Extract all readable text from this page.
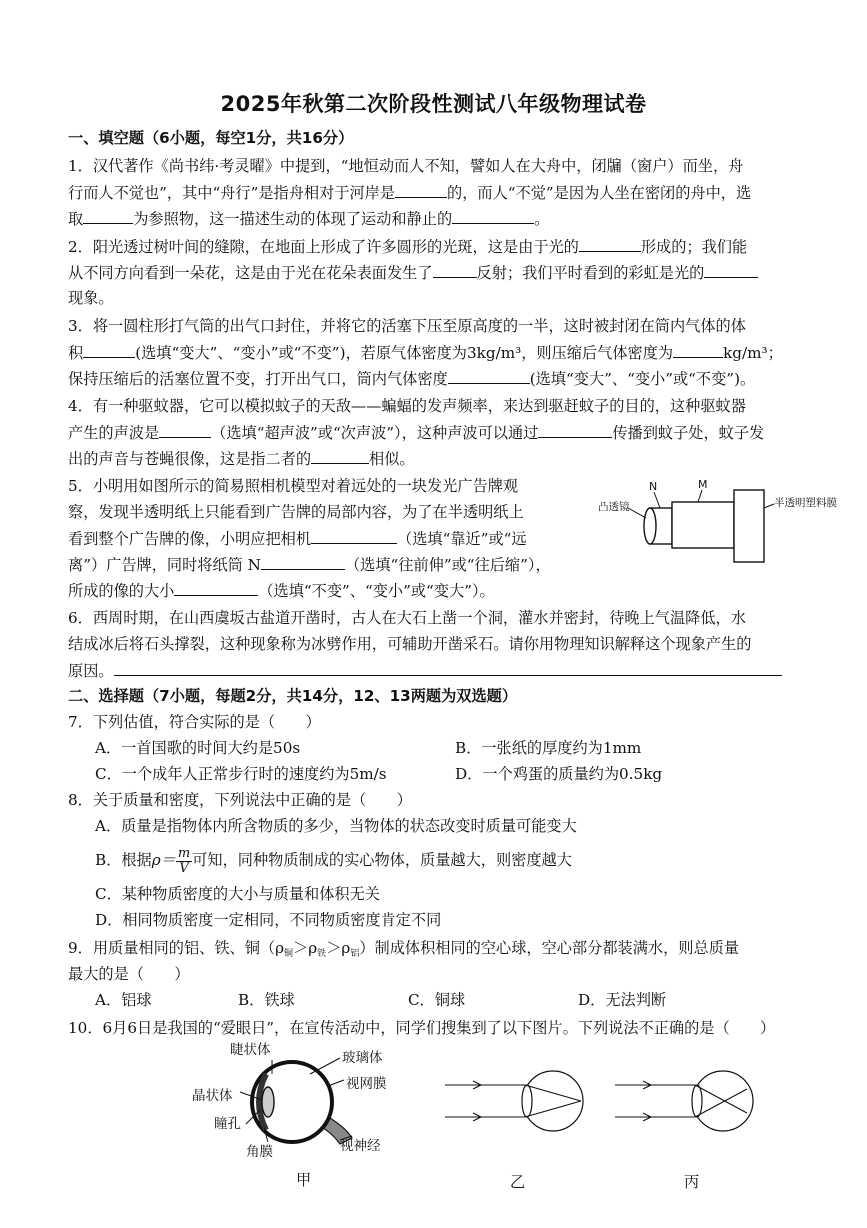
2025年秋第二次阶段性测试八年级物理试卷
一、填空题（6小题，每空1分，共16分）
1．汉代著作《尚书纬·考灵曜》中提到，“地恒动而人不知，譬如人在大舟中，闭牖（窗户）而坐，舟
行而人不觉也”，其中“舟行”是指舟相对于河岸是	的，而人“不觉”是因为人坐在密闭的舟中，选
取	为参照物，这一描述生动的体现了运动和静止的	。
2．阳光透过树叶间的缝隙，在地面上形成了许多圆形的光斑，这是由于光的	形成的；我们能
从不同方向看到一朵花，这是由于光在花朵表面发生了	反射；我们平时看到的彩虹是光的
现象。
3．将一圆柱形打气筒的出气口封住，并将它的活塞下压至原高度的一半，这时被封闭在筒内气体的体
积	(选填“变大”、“变小”或“不变”)，若原气体密度为3kg/m³，则压缩后气体密度为	kg/m³；
保持压缩后的活塞位置不变，打开出气口，筒内气体密度	(选填“变大”、“变小”或“不变”)。
4．有一种驱蚊器，它可以模拟蚊子的天敌——蝙蝠的发声频率，来达到驱赶蚊子的目的，这种驱蚊器
产生的声波是	（选填“超声波”或“次声波”），这种声波可以通过	传播到蚊子处，蚊子发
出的声音与苍蝇很像，这是指二者的	相似。
5．小明用如图所示的简易照相机模型对着远处的一块发光广告牌观
察，发现半透明纸上只能看到广告牌的局部内容，为了在半透明纸上
看到整个广告牌的像，小明应把相机	（选填“靠近”或“远
离”）广告牌，同时将纸筒 N	（选填“往前伸”或“往后缩”），
所成的像的大小	（选填“不变”、“变小”或“变大”）。
凸透镜
N	M
半透明塑料膜
6．西周时期，在山西虞坂古盐道开凿时，古人在大石上凿一个洞，灌水并密封，待晚上气温降低，水
结成冰后将石头撑裂，这种现象称为冰劈作用，可辅助开凿采石。请你用物理知识解释这个现象产生的
原因。
二、选择题（7小题，每题2分，共14分，12、13两题为双选题）
7．下列估值，符合实际的是（　　）
A．一首国歌的时间大约是50s	B．一张纸的厚度约为1mm
C．一个成年人正常步行时的速度约为5m/s	D．一个鸡蛋的质量约为0.5kg
8．关于质量和密度，下列说法中正确的是（　　）
A．质量是指物体内所含物质的多少，当物体的状态改变时质量可能变大
B．根据$\rho= \frac{m}{V}$ 可知，同种物质制成的实心物体，质量越大，则密度越大
C．某种物质密度的大小与质量和体积无关
D．相同物质密度一定相同，不同物质密度肯定不同
9．用质量相同的铝、铁、铜$(\rho_铜>\rho_铁>\rho_铝)$制成体积相同的空心球，空心部分都装满水，则总质量
最大的是（　　）
A．铝球	B．铁球	C．铜球	D．无法判断
10．6月6日是我国的“爱眼日”，在宣传活动中，同学们搜集到了以下图片。下列说法不正确的是（　　）
睫状体	玻璃体
视网膜
晶状体
瞳孔
角膜	视神经
甲	乙	丙
